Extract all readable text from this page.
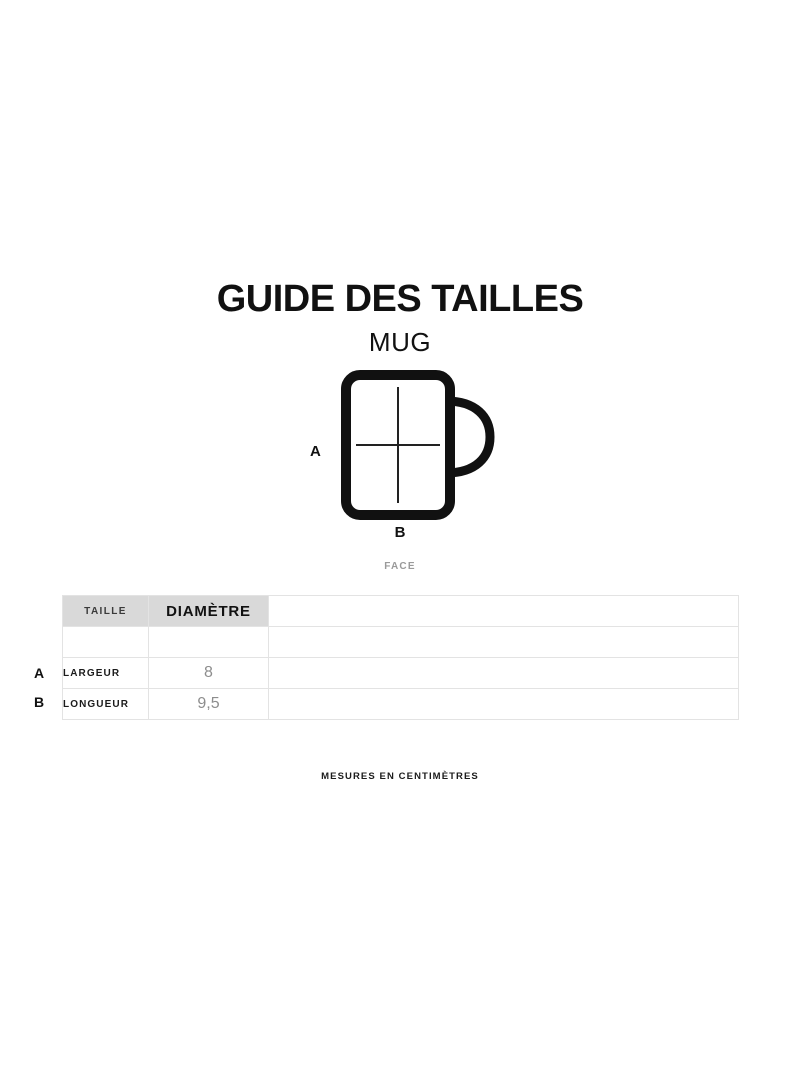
GUIDE DES TAILLES
MUG
A
B
FACE
A
B
TAILLE	DIAMÈTRE	

LARGEUR	8	
LONGUEUR	9,5	
MESURES EN CENTIMÈTRES
